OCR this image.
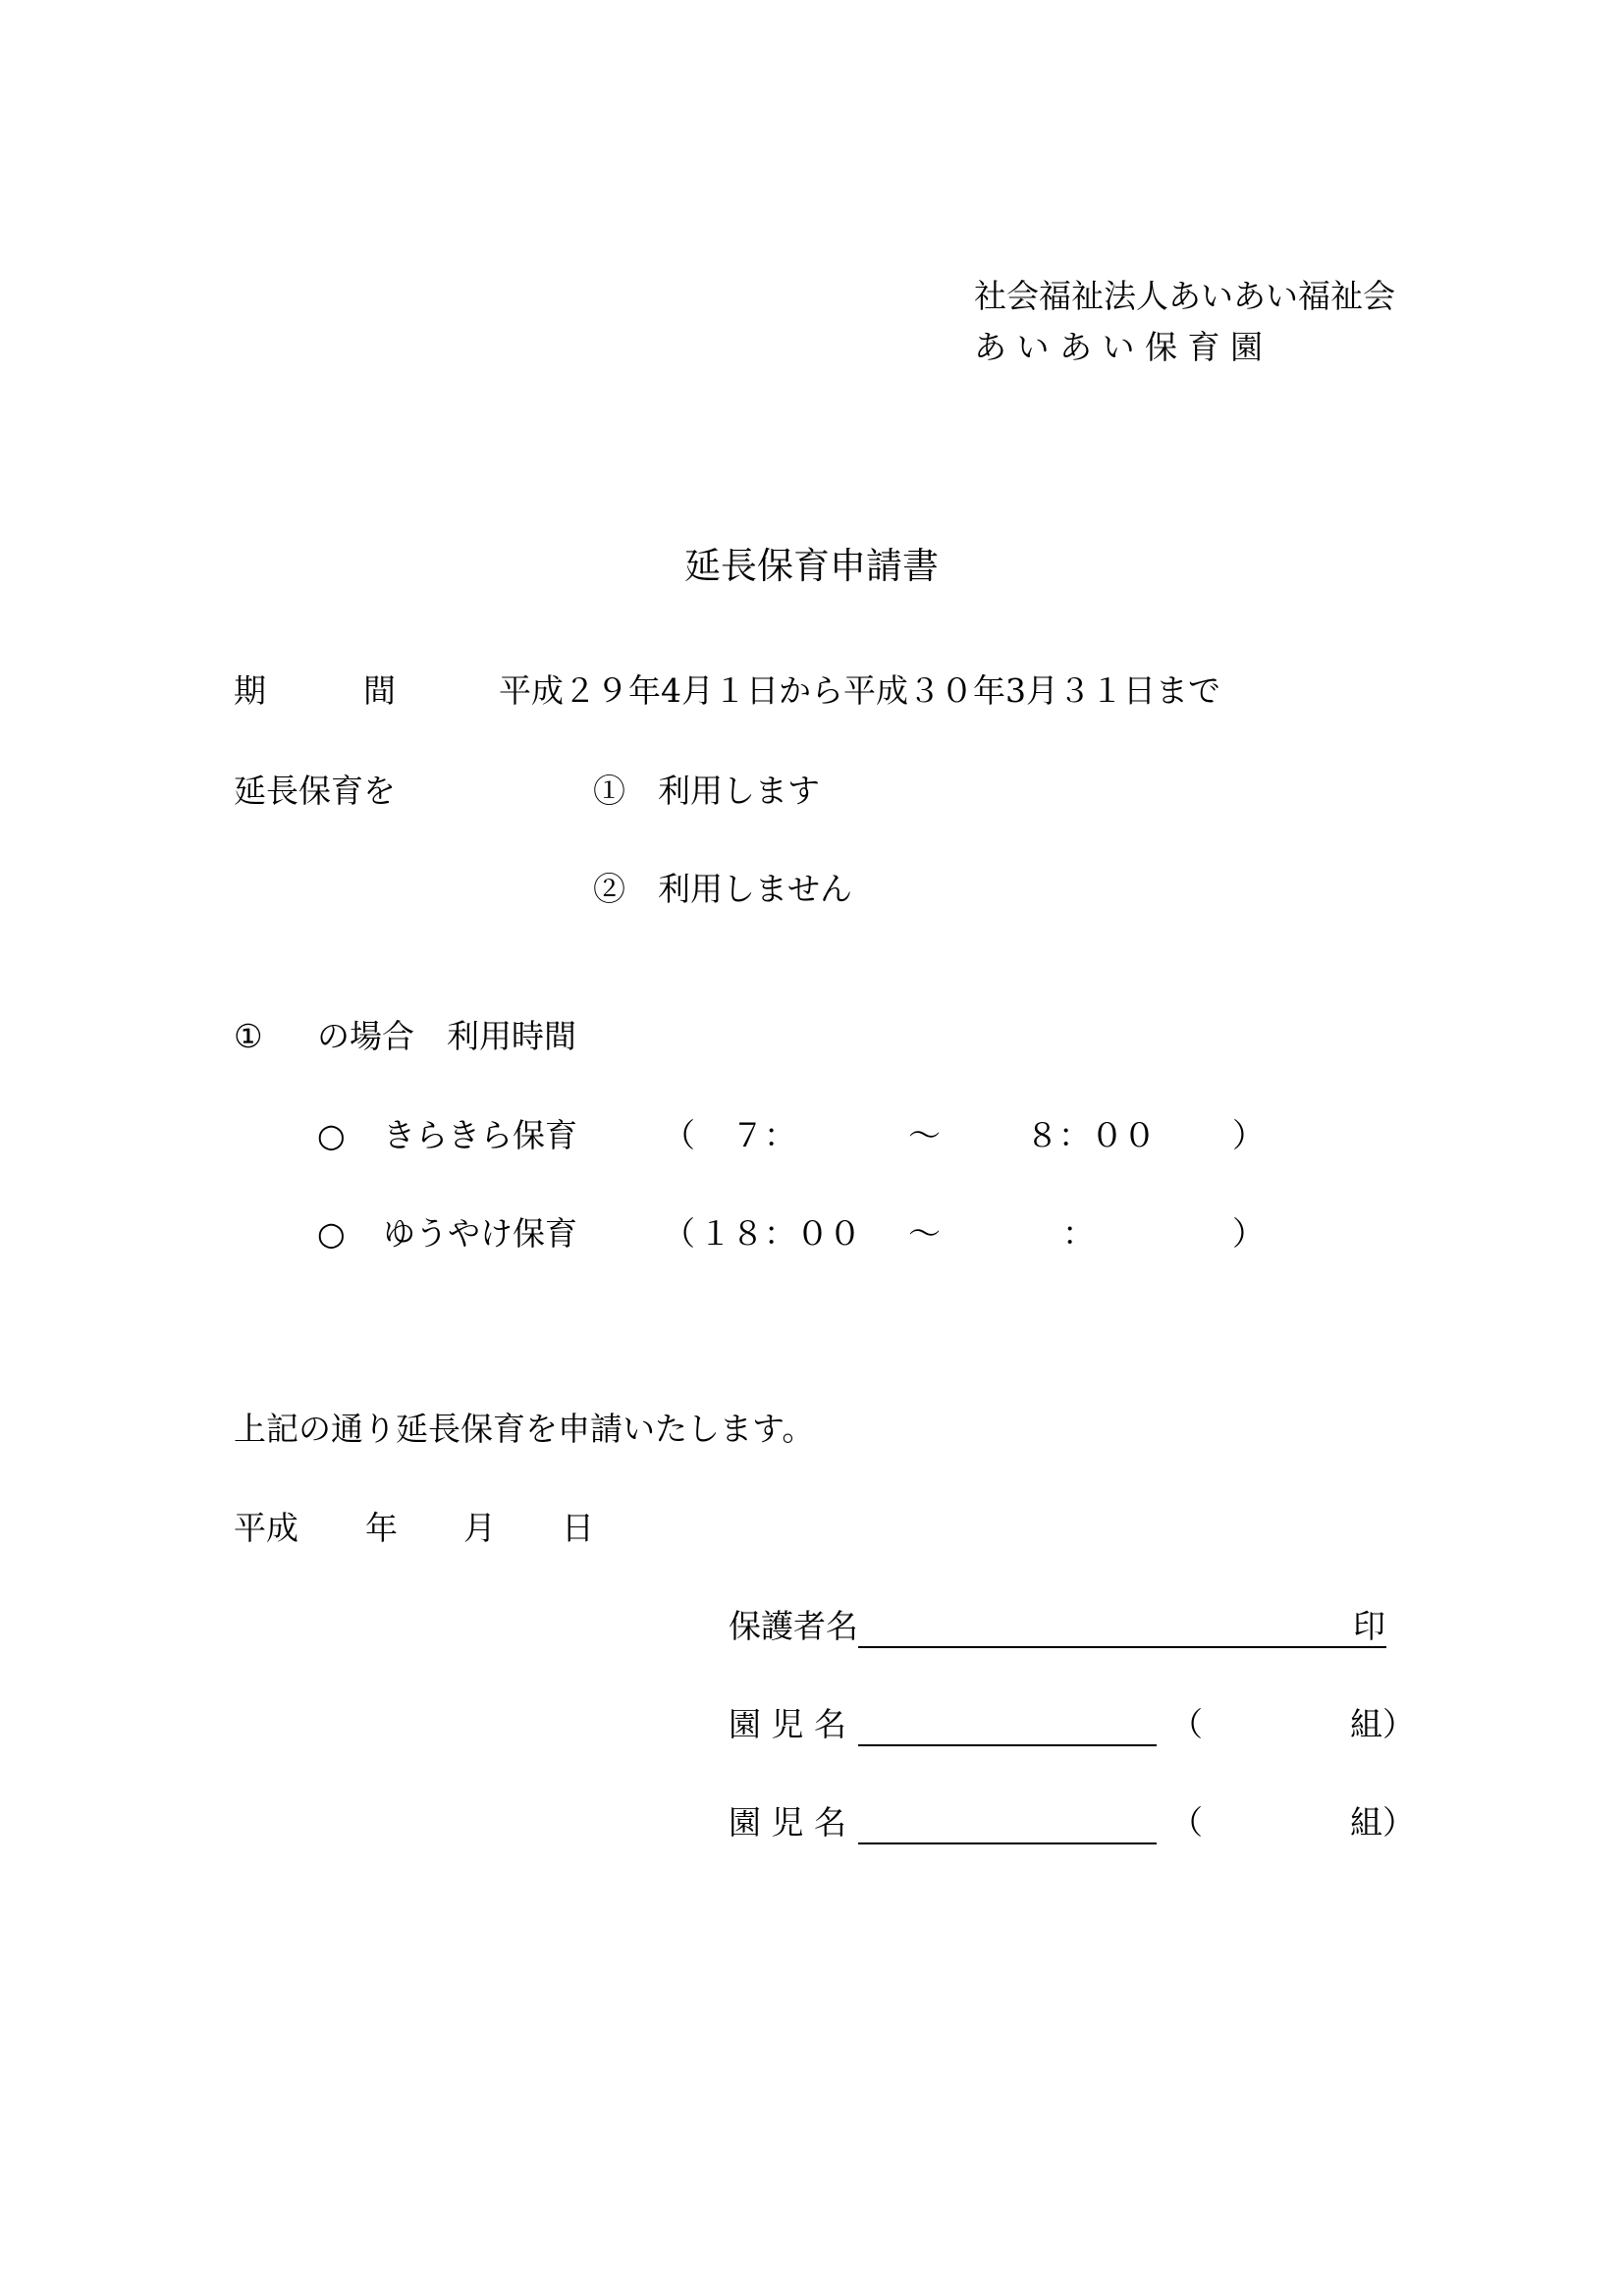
社会福祉法人あいあい福祉会
あ い あ い 保 育 園
延長保育申請書
期　　　間	平成２９年4月１日から平成３０年3月３１日まで
延長保育を	①　利用します
②　利用しません
① の場合　利用時間
○ きらきら保育	（ ７：	～	８：００ ）
○ ゆうやけ保育	（ １８：００ ～	：	）
上記の通り延長保育を申請いたします。
平成 年 月 日
保護者名	印
園 児 名	（	組）
園 児 名	（	組）
